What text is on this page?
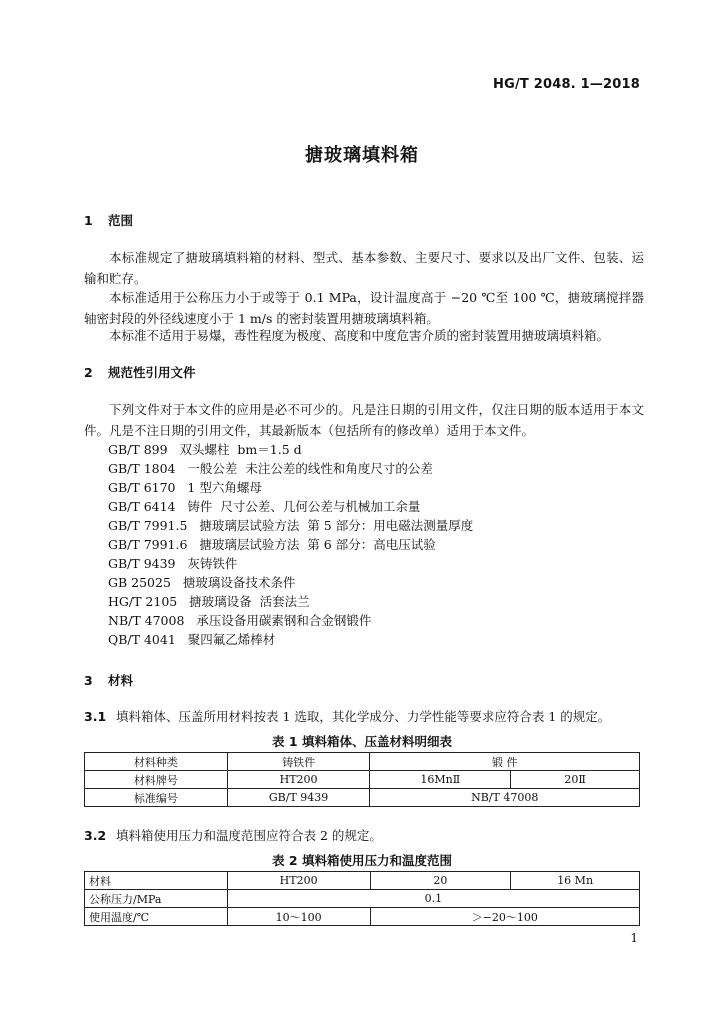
HG/T 2048. 1—2018
搪玻璃填料箱
1 范围
本标准规定了搪玻璃填料箱的材料、型式、基本参数、主要尺寸、要求以及出厂文件、包装、运输和贮存。
本标准适用于公称压力小于或等于 0.1 MPa，设计温度高于 −20 ℃至 100 ℃，搪玻璃搅拌器轴密封段的外径线速度小于 1 m/s 的密封装置用搪玻璃填料箱。
本标准不适用于易爆，毒性程度为极度、高度和中度危害介质的密封装置用搪玻璃填料箱。
2 规范性引用文件
下列文件对于本文件的应用是必不可少的。凡是注日期的引用文件，仅注日期的版本适用于本文件。凡是不注日期的引用文件，其最新版本（包括所有的修改单）适用于本文件。
GB/T 899   双头螺柱  bm＝1.5 d
GB/T 1804   一般公差  未注公差的线性和角度尺寸的公差
GB/T 6170   1 型六角螺母
GB/T 6414   铸件  尺寸公差、几何公差与机械加工余量
GB/T 7991.5   搪玻璃层试验方法  第 5 部分：用电磁法测量厚度
GB/T 7991.6   搪玻璃层试验方法  第 6 部分：高电压试验
GB/T 9439   灰铸铁件
GB 25025   搪玻璃设备技术条件
HG/T 2105   搪玻璃设备  活套法兰
NB/T 47008   承压设备用碳素钢和合金钢锻件
QB/T 4041   聚四氟乙烯棒材
3 材料
3.1 填料箱体、压盖所用材料按表 1 选取，其化学成分、力学性能等要求应符合表 1 的规定。
表 1 填料箱体、压盖材料明细表
材料种类	铸铁件	锻 件	
材料牌号	HT200	16MnⅡ	20Ⅱ
标准编号	GB/T 9439	NB/T 47008	
3.2 填料箱使用压力和温度范围应符合表 2 的规定。
表 2 填料箱使用压力和温度范围
材料	HT200	20	16 Mn
公称压力/MPa	0.1		
使用温度/℃	10～100	＞−20～100	
1
